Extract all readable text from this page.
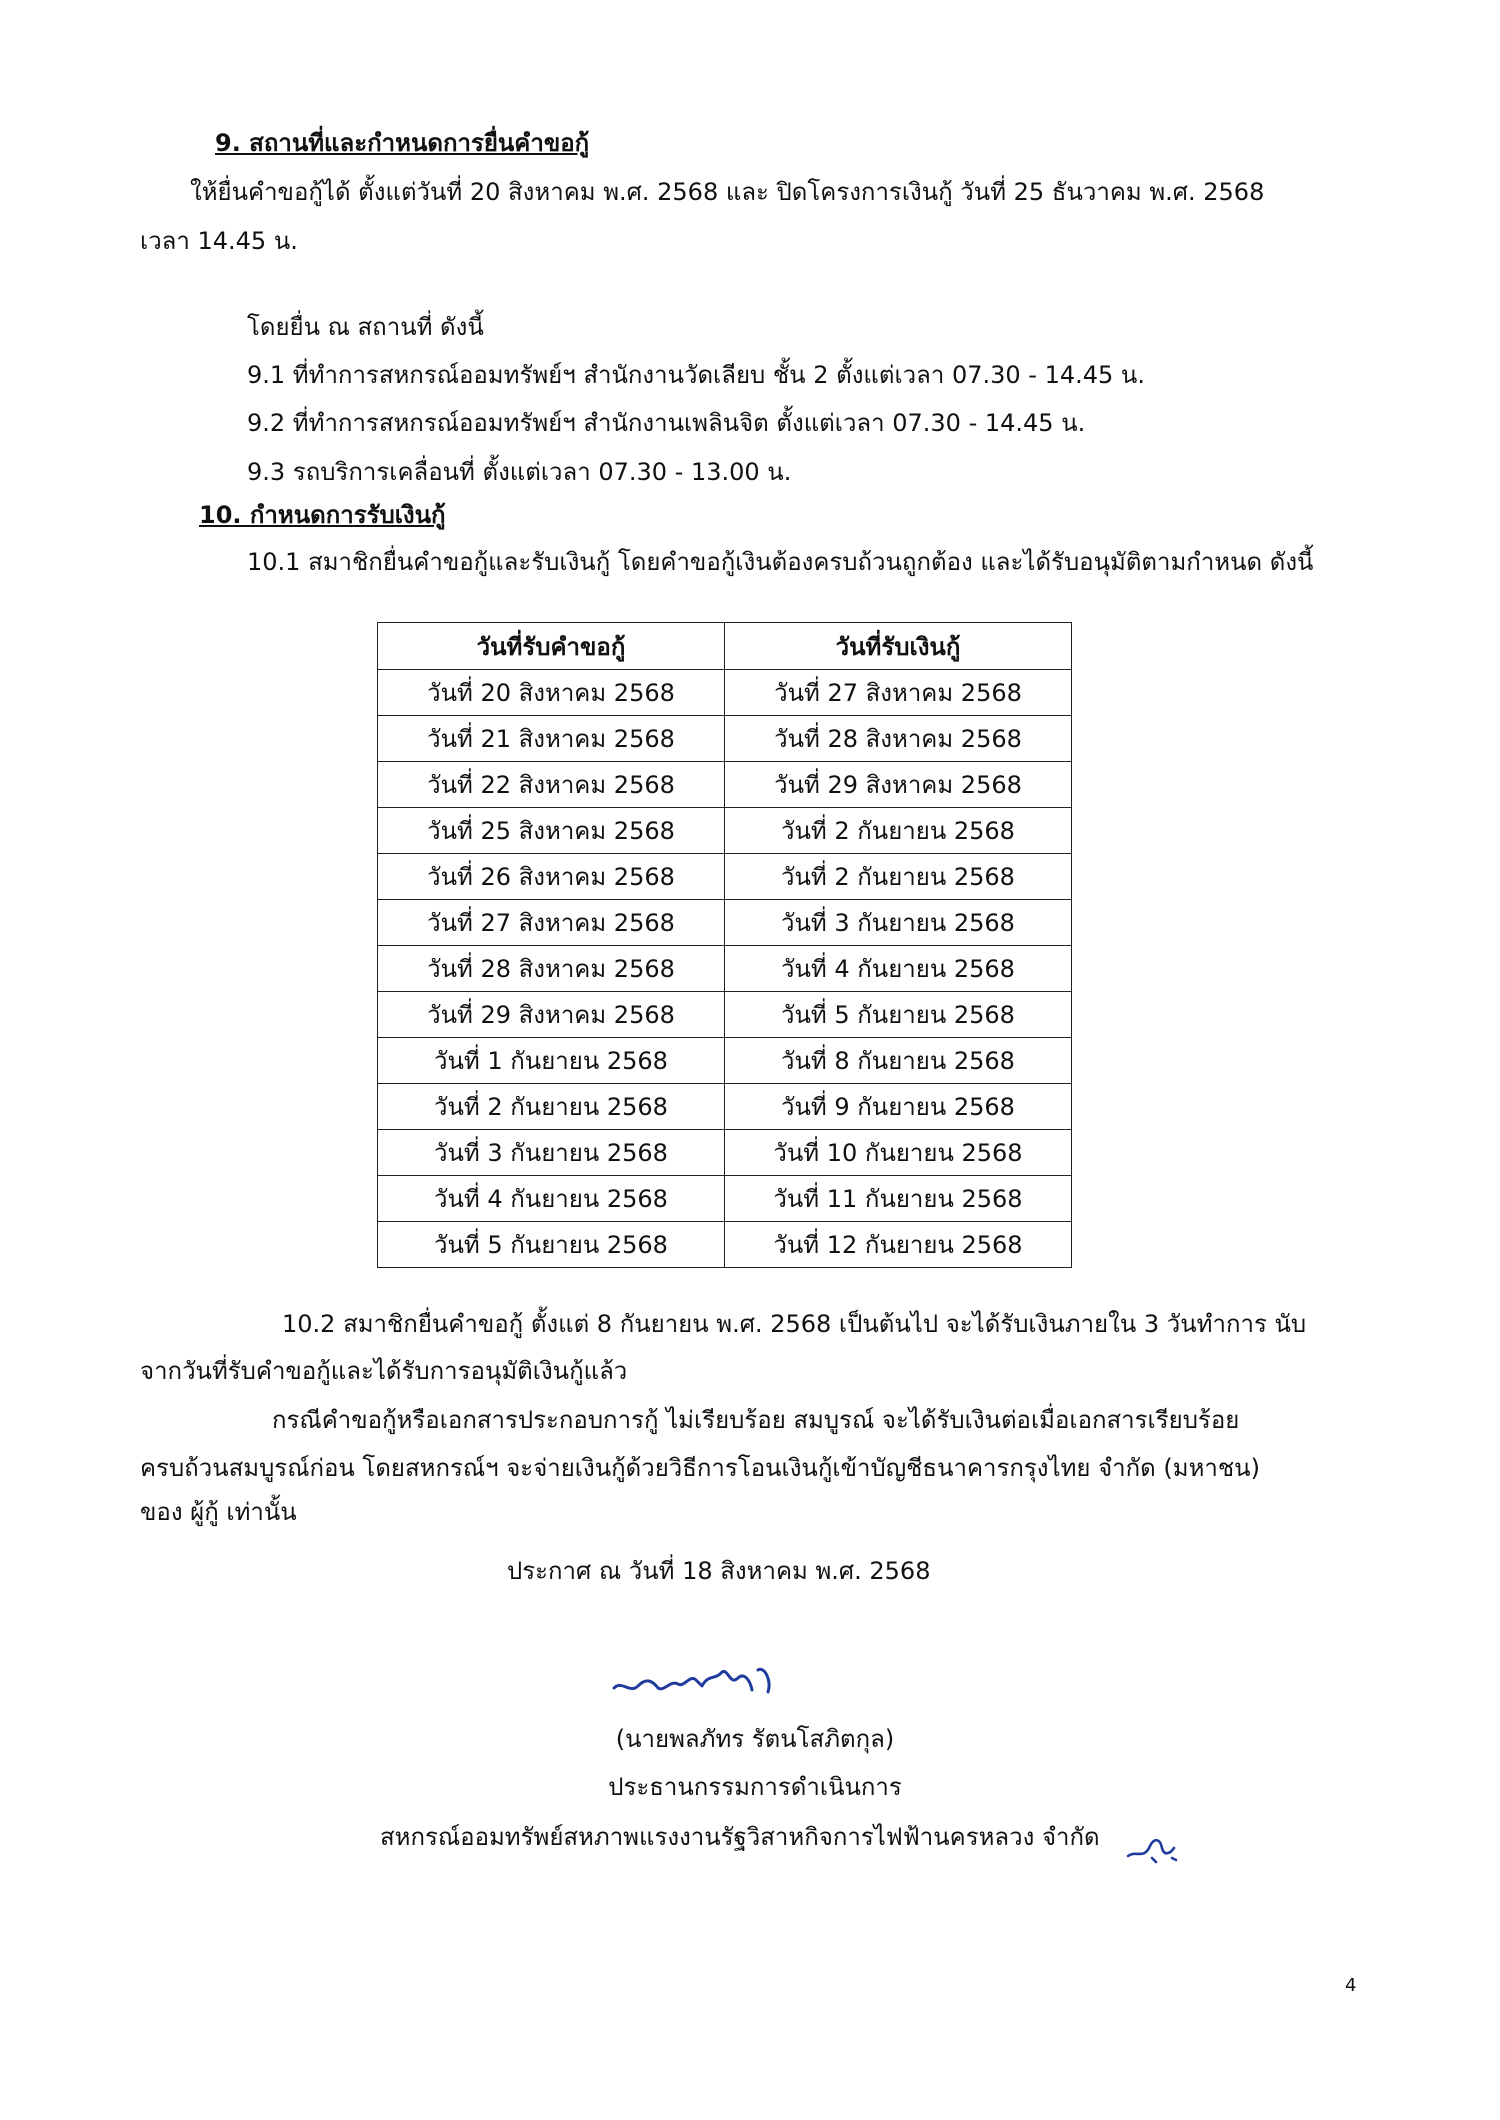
9. สถานที่และกำหนดการยื่นคำขอกู้
ให้ยื่นคำขอกู้ได้ ตั้งแต่วันที่ 20 สิงหาคม พ.ศ. 2568 และ ปิดโครงการเงินกู้ วันที่ 25 ธันวาคม พ.ศ. 2568
เวลา 14.45 น.
โดยยื่น ณ สถานที่ ดังนี้
9.1 ที่ทำการสหกรณ์ออมทรัพย์ฯ สำนักงานวัดเลียบ ชั้น 2 ตั้งแต่เวลา 07.30 - 14.45 น.
9.2 ที่ทำการสหกรณ์ออมทรัพย์ฯ สำนักงานเพลินจิต ตั้งแต่เวลา 07.30 - 14.45 น.
9.3 รถบริการเคลื่อนที่ ตั้งแต่เวลา 07.30 - 13.00 น.
10. กำหนดการรับเงินกู้
10.1 สมาชิกยื่นคำขอกู้และรับเงินกู้ โดยคำขอกู้เงินต้องครบถ้วนถูกต้อง และได้รับอนุมัติตามกำหนด ดังนี้
วันที่รับคำขอกู้	วันที่รับเงินกู้
วันที่ 20 สิงหาคม 2568	วันที่ 27 สิงหาคม 2568
วันที่ 21 สิงหาคม 2568	วันที่ 28 สิงหาคม 2568
วันที่ 22 สิงหาคม 2568	วันที่ 29 สิงหาคม 2568
วันที่ 25 สิงหาคม 2568	วันที่ 2 กันยายน 2568
วันที่ 26 สิงหาคม 2568	วันที่ 2 กันยายน 2568
วันที่ 27 สิงหาคม 2568	วันที่ 3 กันยายน 2568
วันที่ 28 สิงหาคม 2568	วันที่ 4 กันยายน 2568
วันที่ 29 สิงหาคม 2568	วันที่ 5 กันยายน 2568
วันที่ 1 กันยายน 2568	วันที่ 8 กันยายน 2568
วันที่ 2 กันยายน 2568	วันที่ 9 กันยายน 2568
วันที่ 3 กันยายน 2568	วันที่ 10 กันยายน 2568
วันที่ 4 กันยายน 2568	วันที่ 11 กันยายน 2568
วันที่ 5 กันยายน 2568	วันที่ 12 กันยายน 2568
10.2 สมาชิกยื่นคำขอกู้ ตั้งแต่ 8 กันยายน พ.ศ. 2568 เป็นต้นไป จะได้รับเงินภายใน 3 วันทำการ นับ
จากวันที่รับคำขอกู้และได้รับการอนุมัติเงินกู้แล้ว
กรณีคำขอกู้หรือเอกสารประกอบการกู้ ไม่เรียบร้อย สมบูรณ์ จะได้รับเงินต่อเมื่อเอกสารเรียบร้อย
ครบถ้วนสมบูรณ์ก่อน โดยสหกรณ์ฯ จะจ่ายเงินกู้ด้วยวิธีการโอนเงินกู้เข้าบัญชีธนาคารกรุงไทย จำกัด (มหาชน)
ของ ผู้กู้ เท่านั้น
ประกาศ ณ วันที่ 18 สิงหาคม พ.ศ. 2568
(นายพลภัทร รัตนโสภิตกุล)
ประธานกรรมการดำเนินการ
สหกรณ์ออมทรัพย์สหภาพแรงงานรัฐวิสาหกิจการไฟฟ้านครหลวง จำกัด
4
